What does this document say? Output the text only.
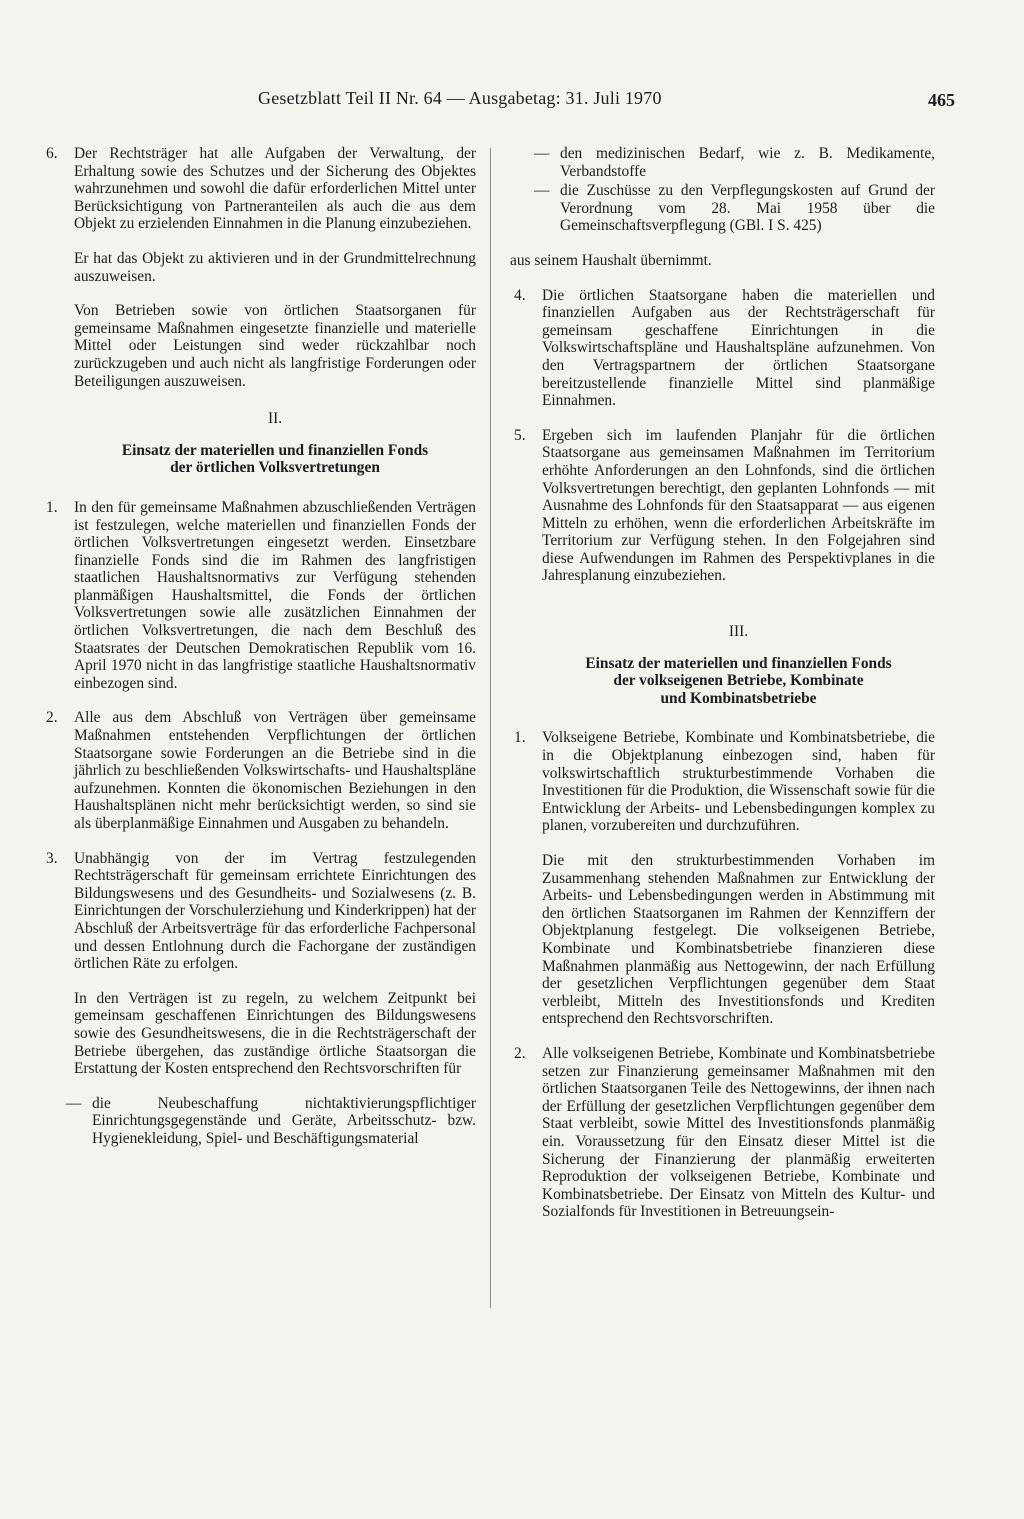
Gesetzblatt Teil II Nr. 64 — Ausgabetag: 31. Juli 1970	465
6. Der Rechtsträger hat alle Aufgaben der Verwaltung, der Erhaltung sowie des Schutzes und der Sicherung des Objektes wahrzunehmen und sowohl die dafür erforderlichen Mittel unter Berücksichtigung von Partneranteilen als auch die aus dem Objekt zu erzielenden Einnahmen in die Planung einzubeziehen.

Er hat das Objekt zu aktivieren und in der Grundmittelrechnung auszuweisen.

Von Betrieben sowie von örtlichen Staatsorganen für gemeinsame Maßnahmen eingesetzte finanzielle und materielle Mittel oder Leistungen sind weder rückzahlbar noch zurückzugeben und auch nicht als langfristige Forderungen oder Beteiligungen auszuweisen.

II.
Einsatz der materiellen und finanziellen Fonds
der örtlichen Volksvertretungen
1. In den für gemeinsame Maßnahmen abzuschließenden Verträgen ist festzulegen, welche materiellen und finanziellen Fonds der örtlichen Volksvertretungen eingesetzt werden. Einsetzbare finanzielle Fonds sind die im Rahmen des langfristigen staatlichen Haushaltsnormativs zur Verfügung stehenden planmäßigen Haushaltsmittel, die Fonds der örtlichen Volksvertretungen sowie alle zusätzlichen Einnahmen der örtlichen Volksvertretungen, die nach dem Beschluß des Staatsrates der Deutschen Demokratischen Republik vom 16. April 1970 nicht in das langfristige staatliche Haushaltsnormativ einbezogen sind.

2. Alle aus dem Abschluß von Verträgen über gemeinsame Maßnahmen entstehenden Verpflichtungen der örtlichen Staatsorgane sowie Forderungen an die Betriebe sind in die jährlich zu beschließenden Volkswirtschafts- und Haushaltspläne aufzunehmen. Konnten die ökonomischen Beziehungen in den Haushaltsplänen nicht mehr berücksichtigt werden, so sind sie als überplanmäßige Einnahmen und Ausgaben zu behandeln.

3. Unabhängig von der im Vertrag festzulegenden Rechtsträgerschaft für gemeinsam errichtete Einrichtungen des Bildungswesens und des Gesundheits- und Sozialwesens (z. B. Einrichtungen der Vorschulerziehung und Kinderkrippen) hat der Abschluß der Arbeitsverträge für das erforderliche Fachpersonal und dessen Entlohnung durch die Fachorgane der zuständigen örtlichen Räte zu erfolgen.

In den Verträgen ist zu regeln, zu welchem Zeitpunkt bei gemeinsam geschaffenen Einrichtungen des Bildungswesens sowie des Gesundheitswesens, die in die Rechtsträgerschaft der Betriebe übergehen, das zuständige örtliche Staatsorgan die Erstattung der Kosten entsprechend den Rechtsvorschriften für

— die Neubeschaffung nichtaktivierungspflichtiger Einrichtungsgegenstände und Geräte, Arbeitsschutz- bzw. Hygienekleidung, Spiel- und Beschäftigungsmaterial

— den medizinischen Bedarf, wie z. B. Medikamente, Verbandstoffe

— die Zuschüsse zu den Verpflegungskosten auf Grund der Verordnung vom 28. Mai 1958 über die Gemeinschaftsverpflegung (GBl. I S. 425)

aus seinem Haushalt übernimmt.

4. Die örtlichen Staatsorgane haben die materiellen und finanziellen Aufgaben aus der Rechtsträgerschaft für gemeinsam geschaffene Einrichtungen in die Volkswirtschaftspläne und Haushaltspläne aufzunehmen. Von den Vertragspartnern der örtlichen Staatsorgane bereitzustellende finanzielle Mittel sind planmäßige Einnahmen.

5. Ergeben sich im laufenden Planjahr für die örtlichen Staatsorgane aus gemeinsamen Maßnahmen im Territorium erhöhte Anforderungen an den Lohnfonds, sind die örtlichen Volksvertretungen berechtigt, den geplanten Lohnfonds — mit Ausnahme des Lohnfonds für den Staatsapparat — aus eigenen Mitteln zu erhöhen, wenn die erforderlichen Arbeitskräfte im Territorium zur Verfügung stehen. In den Folgejahren sind diese Aufwendungen im Rahmen des Perspektivplanes in die Jahresplanung einzubeziehen.

III.
Einsatz der materiellen und finanziellen Fonds
der volkseigenen Betriebe, Kombinate
und Kombinatsbetriebe
1. Volkseigene Betriebe, Kombinate und Kombinatsbetriebe, die in die Objektplanung einbezogen sind, haben für volkswirtschaftlich strukturbestimmende Vorhaben die Investitionen für die Produktion, die Wissenschaft sowie für die Entwicklung der Arbeits- und Lebensbedingungen komplex zu planen, vorzubereiten und durchzuführen.

Die mit den strukturbestimmenden Vorhaben im Zusammenhang stehenden Maßnahmen zur Entwicklung der Arbeits- und Lebensbedingungen werden in Abstimmung mit den örtlichen Staatsorganen im Rahmen der Kennziffern der Objektplanung festgelegt. Die volkseigenen Betriebe, Kombinate und Kombinatsbetriebe finanzieren diese Maßnahmen planmäßig aus Nettogewinn, der nach Erfüllung der gesetzlichen Verpflichtungen gegenüber dem Staat verbleibt, Mitteln des Investitionsfonds und Krediten entsprechend den Rechtsvorschriften.

2. Alle volkseigenen Betriebe, Kombinate und Kombinatsbetriebe setzen zur Finanzierung gemeinsamer Maßnahmen mit den örtlichen Staatsorganen Teile des Nettogewinns, der ihnen nach der Erfüllung der gesetzlichen Verpflichtungen gegenüber dem Staat verbleibt, sowie Mittel des Investitionsfonds planmäßig ein. Voraussetzung für den Einsatz dieser Mittel ist die Sicherung der Finanzierung der planmäßig erweiterten Reproduktion der volkseigenen Betriebe, Kombinate und Kombinatsbetriebe. Der Einsatz von Mitteln des Kultur- und Sozialfonds für Investitionen in Betreuungsein-
